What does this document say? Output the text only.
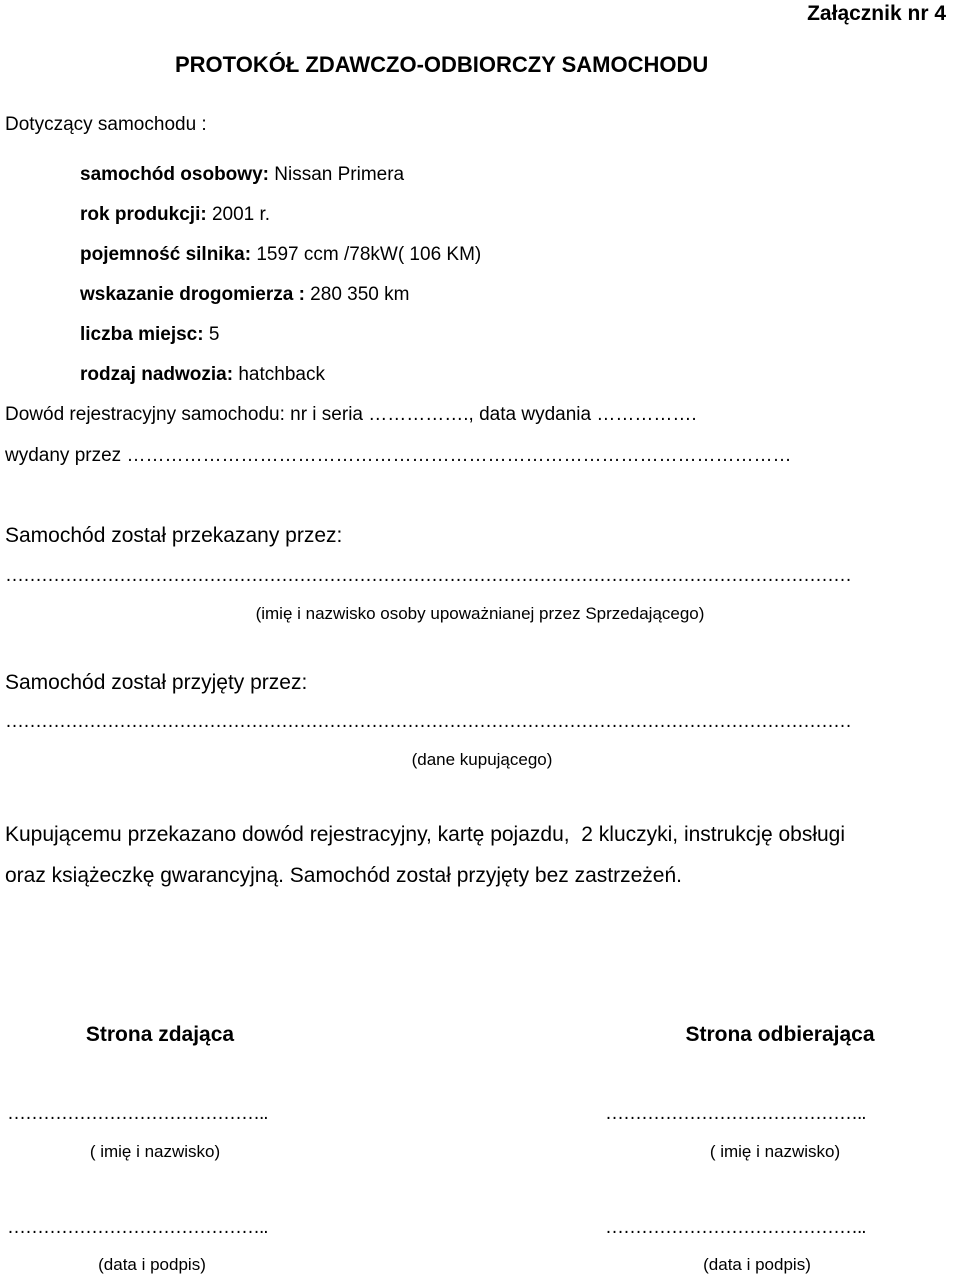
Załącznik nr 4
PROTOKÓŁ ZDAWCZO-ODBIORCZY SAMOCHODU
Dotyczący samochodu :
samochód osobowy: Nissan Primera
rok produkcji: 2001 r.
pojemność silnika: 1597 ccm /78kW( 106 KM)
wskazanie drogomierza : 280 350 km
liczba miejsc: 5
rodzaj nadwozia: hatchback
Dowód rejestracyjny samochodu: nr i seria ……………., data wydania …………….
wydany przez ……………………………………………………………………………………………
Samochód został przekazany przez:
……………………………………………………………………………………………………………………………
(imię i nazwisko osoby upoważnianej przez Sprzedającego)
Samochód został przyjęty przez:
……………………………………………………………………………………………………………………………
(dane kupującego)
Kupującemu przekazano dowód rejestracyjny, kartę pojazdu,  2 kluczyki, instrukcję obsługi
oraz książeczkę gwarancyjną. Samochód został przyjęty bez zastrzeżeń.
Strona zdająca
……………………………………..
( imię i nazwisko)
……………………………………..
(data i podpis)
Strona odbierająca
……………………………………..
( imię i nazwisko)
……………………………………..
(data i podpis)
